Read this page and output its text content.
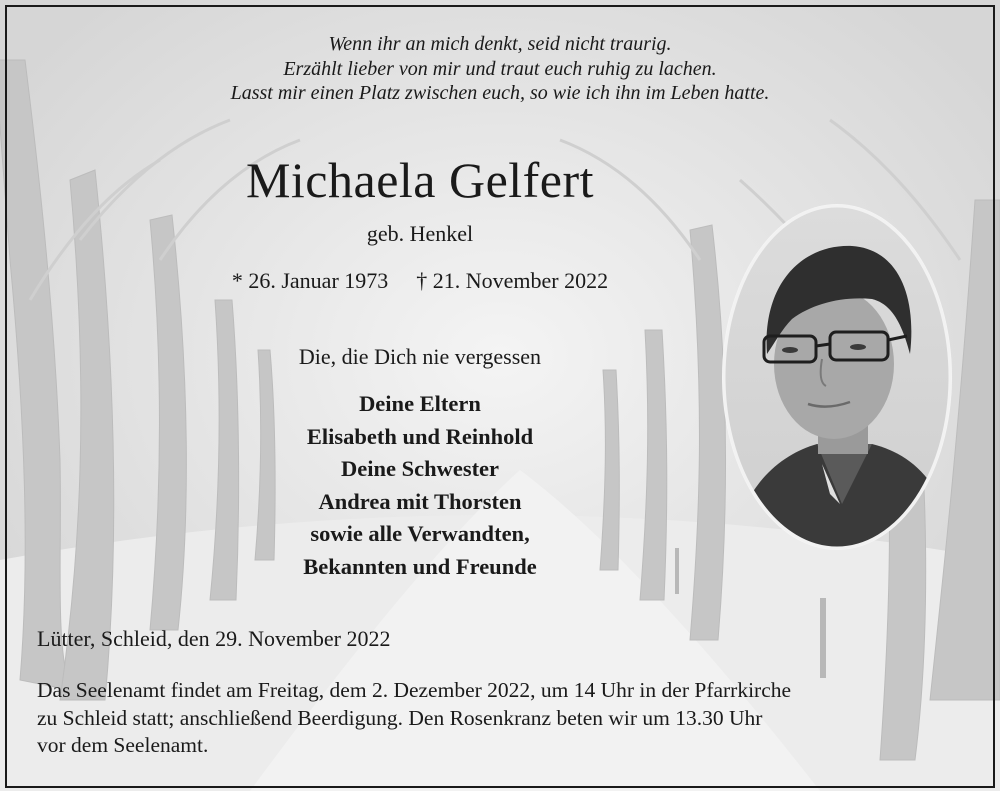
Wenn ihr an mich denkt, seid nicht traurig.
Erzählt lieber von mir und traut euch ruhig zu lachen.
Lasst mir einen Platz zwischen euch, so wie ich ihn im Leben hatte.
Michaela Gelfert
geb. Henkel
* 26. Januar 1973 † 21. November 2022
Die, die Dich nie vergessen
Deine Eltern
Elisabeth und Reinhold
Deine Schwester
Andrea mit Thorsten
sowie alle Verwandten,
Bekannten und Freunde
Lütter, Schleid, den 29. November 2022
Das Seelenamt findet am Freitag, dem 2. Dezember 2022, um 14 Uhr in der Pfarrkirche
zu Schleid statt; anschließend Beerdigung. Den Rosenkranz beten wir um 13.30 Uhr
vor dem Seelenamt.
